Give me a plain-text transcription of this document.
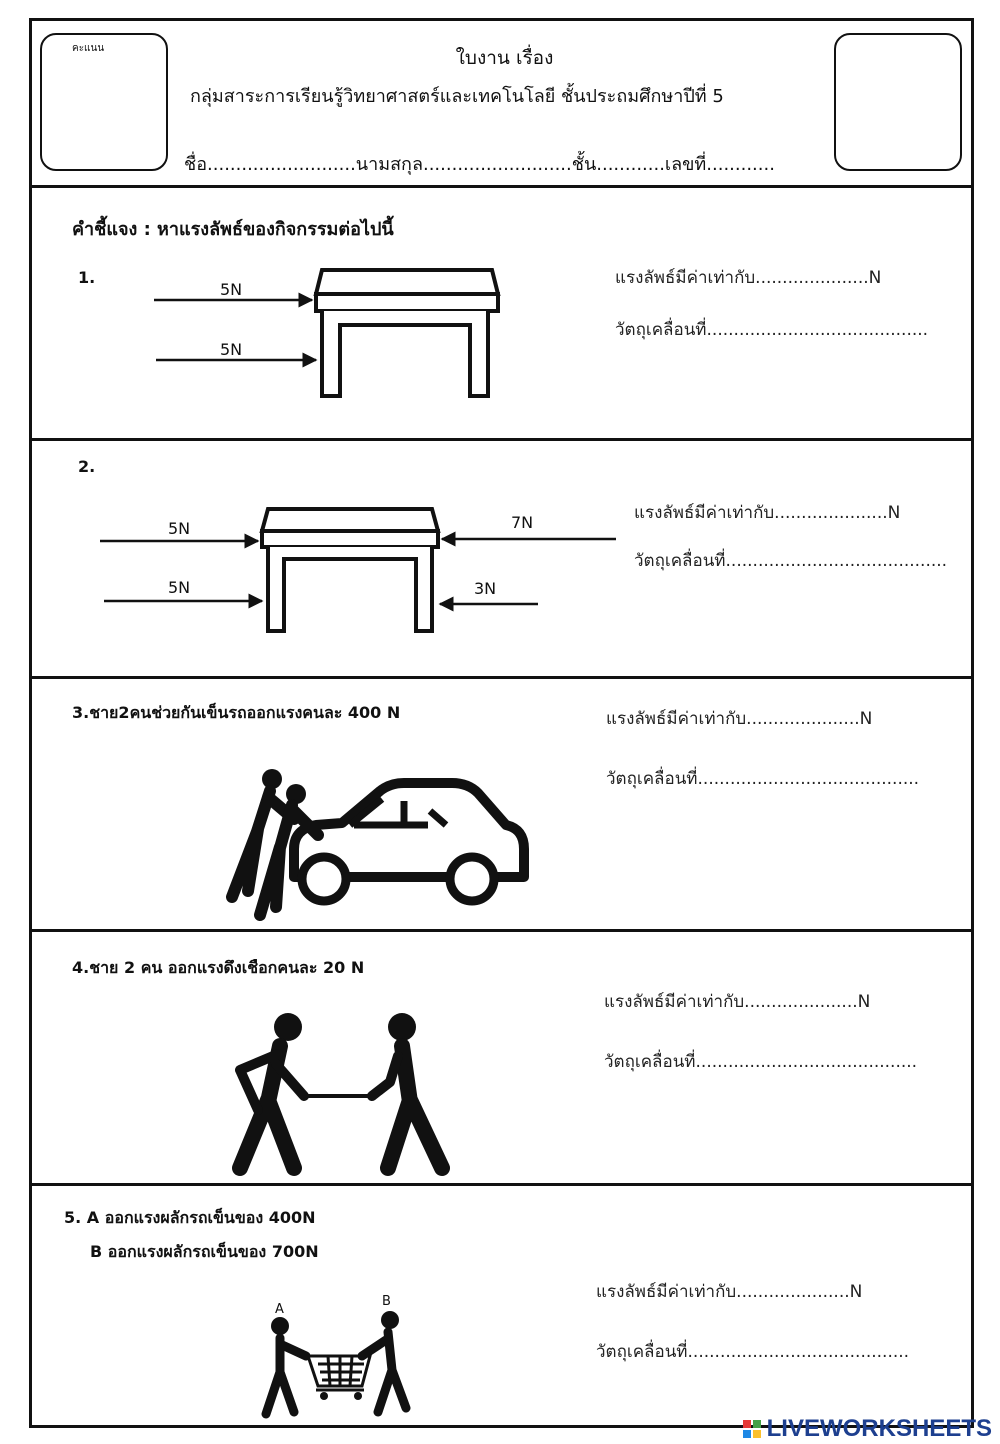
คะแนน	ใบงาน เรื่อง
กลุ่มสาระการเรียนรู้วิทยาศาสตร์และเทคโนโลยี ชั้นประถมศึกษาปีที่ 5
ชื่อ..........................นามสกุล..........................ชั้น............เลขที่............
คำชี้แจง : หาแรงลัพธ์ของกิจกรรมต่อไปนี้
1.
5N
5N
แรงลัพธ์มีค่าเท่ากับ.....................N
วัตถุเคลื่อนที่.........................................
2.
5N
5N
7N
3N
แรงลัพธ์มีค่าเท่ากับ.....................N
วัตถุเคลื่อนที่.........................................
3.ชาย2คนช่วยกันเข็นรถออกแรงคนละ 400 N	แรงลัพธ์มีค่าเท่ากับ.....................N
วัตถุเคลื่อนที่.........................................
4.ชาย 2 คน ออกแรงดึงเชือกคนละ 20 N
แรงลัพธ์มีค่าเท่ากับ.....................N
วัตถุเคลื่อนที่.........................................
5. A ออกแรงผลักรถเข็นของ 400N
B ออกแรงผลักรถเข็นของ 700N
A
B	แรงลัพธ์มีค่าเท่ากับ.....................N
วัตถุเคลื่อนที่.........................................
LIVEWORKSHEETS
